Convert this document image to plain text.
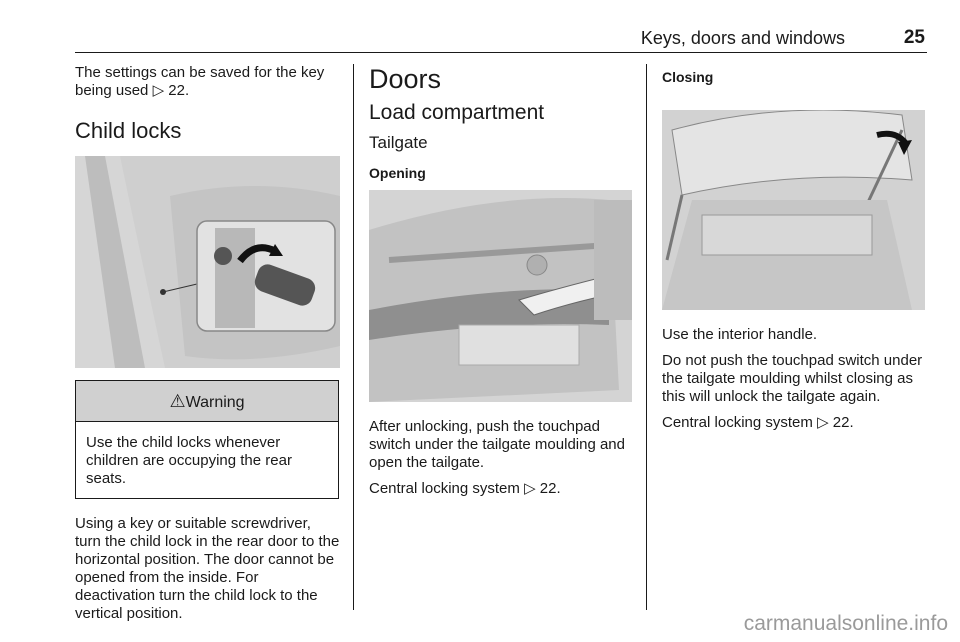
Keys, doors and windows	25

The settings can be saved for the key being used ▷ 22.

Child locks
⚠Warning
Use the child locks whenever children are occupying the rear seats.

Using a key or suitable screwdriver, turn the child lock in the rear door to the horizontal position. The door cannot be opened from the inside. For deactivation turn the child lock to the vertical position.

Doors
Load compartment
Tailgate
Opening

After unlocking, push the touchpad switch under the tailgate moulding and open the tailgate.

Central locking system ▷ 22.

Closing

Use the interior handle.

Do not push the touchpad switch under the tailgate moulding whilst closing as this will unlock the tailgate again.

Central locking system ▷ 22.

carmanualsonline.info
